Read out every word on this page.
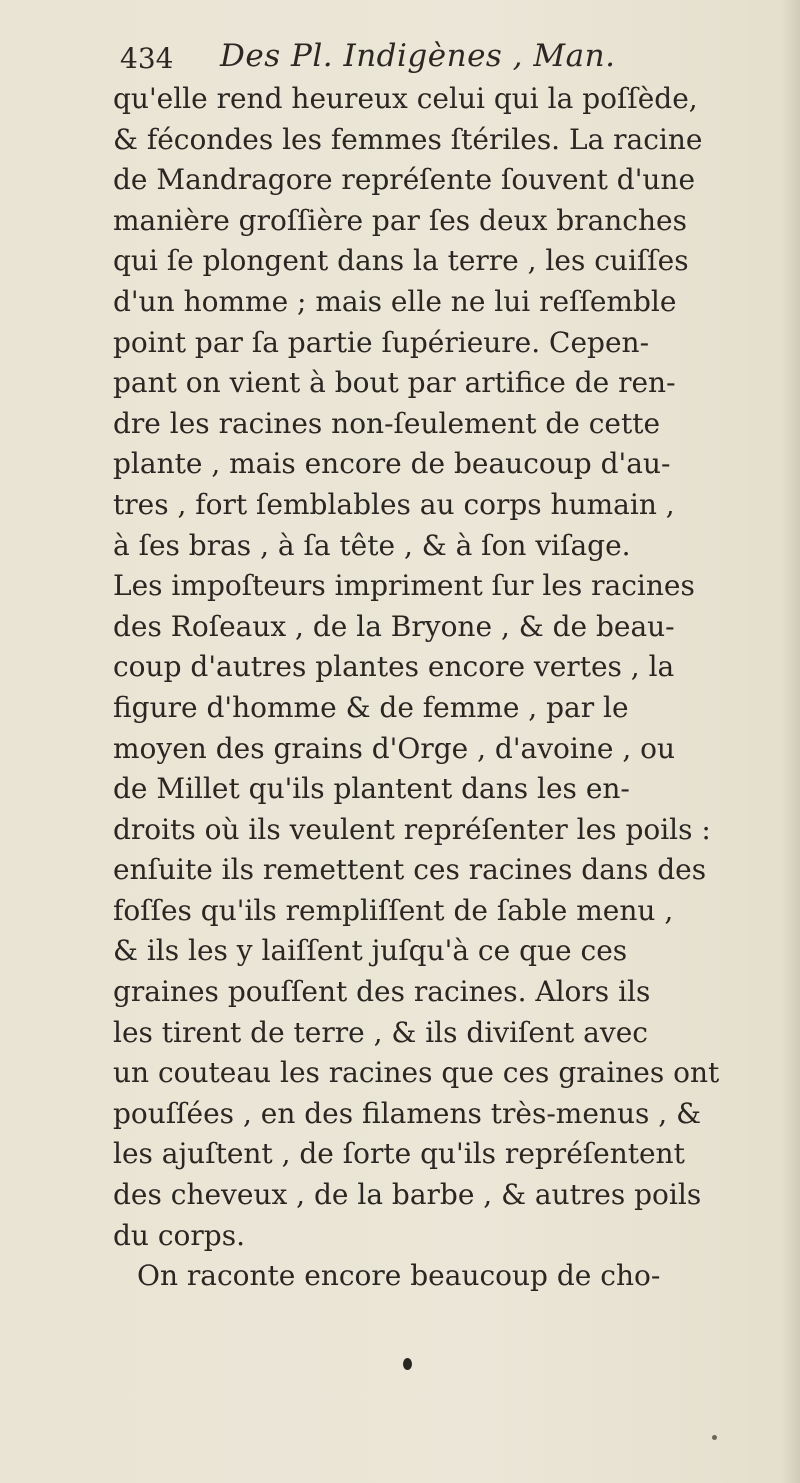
434 Des Pl. Indigènes , Man.
qu'elle rend heureux celui qui la poſſède,
& fécondes les femmes ſtériles. La racine
de Mandragore repréſente ſouvent d'une
manière groſſière par ſes deux branches
qui ſe plongent dans la terre , les cuiſſes
d'un homme ; mais elle ne lui reſſemble
point par ſa partie ſupérieure. Cepen-
pant on vient à bout par artifice de ren-
dre les racines non-ſeulement de cette
plante , mais encore de beaucoup d'au-
tres , fort ſemblables au corps humain ,
à ſes bras , à ſa tête , & à ſon viſage.
Les impoſteurs impriment ſur les racines
des Roſeaux , de la Bryone , & de beau-
coup d'autres plantes encore vertes , la
figure d'homme & de femme , par le
moyen des grains d'Orge , d'avoine , ou
de Millet qu'ils plantent dans les en-
droits où ils veulent repréſenter les poils :
enſuite ils remettent ces racines dans des
foſſes qu'ils rempliſſent de ſable menu ,
& ils les y laiſſent juſqu'à ce que ces
graines pouſſent des racines. Alors ils
les tirent de terre , & ils diviſent avec
un couteau les racines que ces graines ont
pouſſées , en des filamens très-menus , &
les ajuſtent , de ſorte qu'ils repréſentent
des cheveux , de la barbe , & autres poils
du corps.
On raconte encore beaucoup de cho-
